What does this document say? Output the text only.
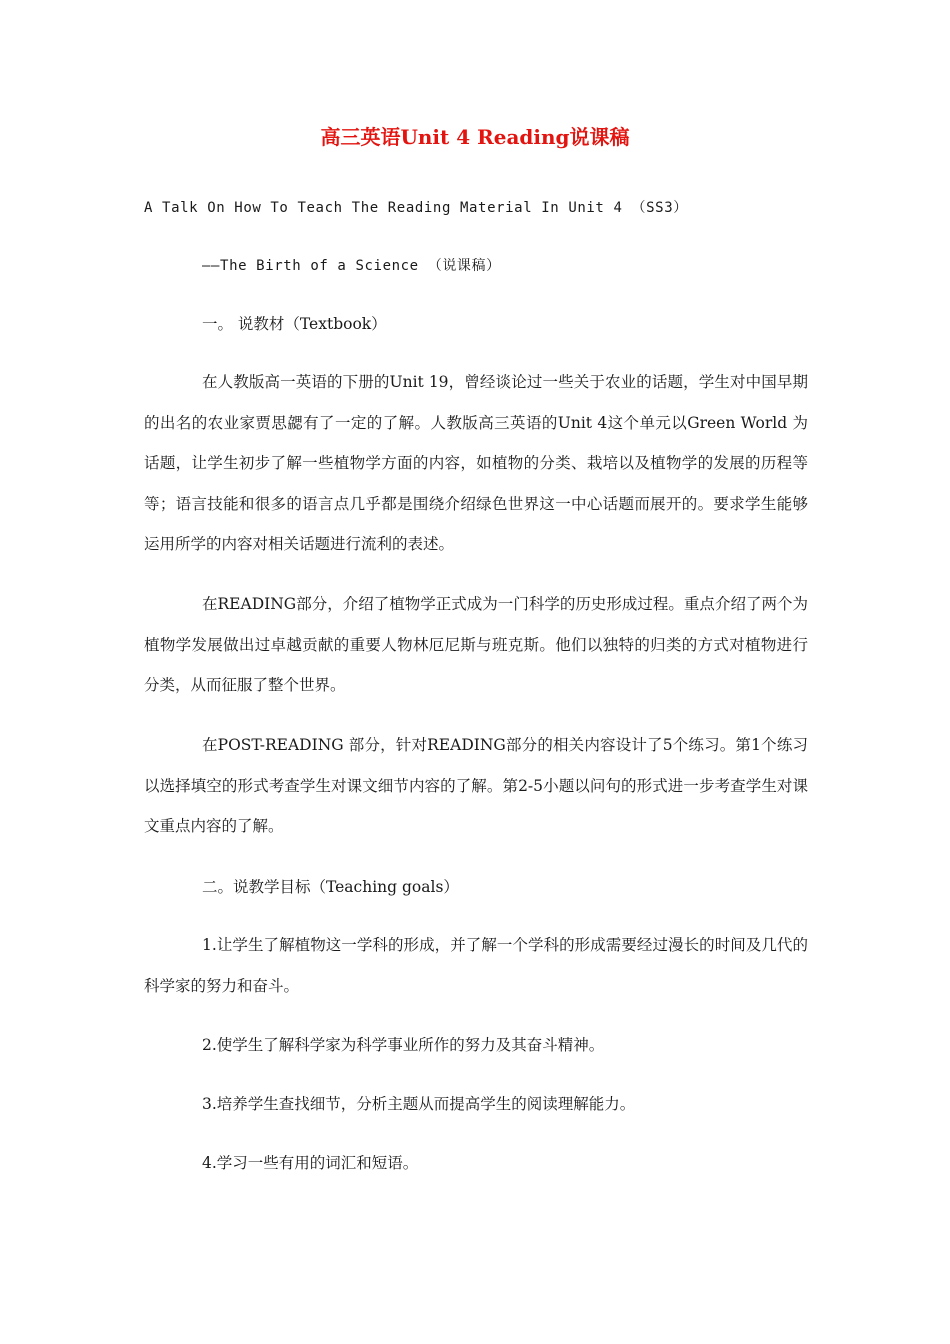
高三英语Unit 4 Reading说课稿
A Talk On How To Teach The Reading Material In Unit 4 （SS3）
——The Birth of a Science （说课稿）
一。 说教材（Textbook）
在人教版高一英语的下册的Unit 19，曾经谈论过一些关于农业的话题，学生对中国早期的出名的农业家贾思勰有了一定的了解。人教版高三英语的Unit 4这个单元以Green World 为话题，让学生初步了解一些植物学方面的内容，如植物的分类、栽培以及植物学的发展的历程等等；语言技能和很多的语言点几乎都是围绕介绍绿色世界这一中心话题而展开的。要求学生能够运用所学的内容对相关话题进行流利的表述。
在READING部分，介绍了植物学正式成为一门科学的历史形成过程。重点介绍了两个为植物学发展做出过卓越贡献的重要人物林厄尼斯与班克斯。他们以独特的归类的方式对植物进行分类，从而征服了整个世界。
在POST-READING 部分，针对READING部分的相关内容设计了5个练习。第1个练习以选择填空的形式考查学生对课文细节内容的了解。第2-5小题以问句的形式进一步考查学生对课文重点内容的了解。
二。说教学目标（Teaching goals）
1.让学生了解植物这一学科的形成，并了解一个学科的形成需要经过漫长的时间及几代的科学家的努力和奋斗。
2.使学生了解科学家为科学事业所作的努力及其奋斗精神。
3.培养学生查找细节，分析主题从而提高学生的阅读理解能力。
4.学习一些有用的词汇和短语。
